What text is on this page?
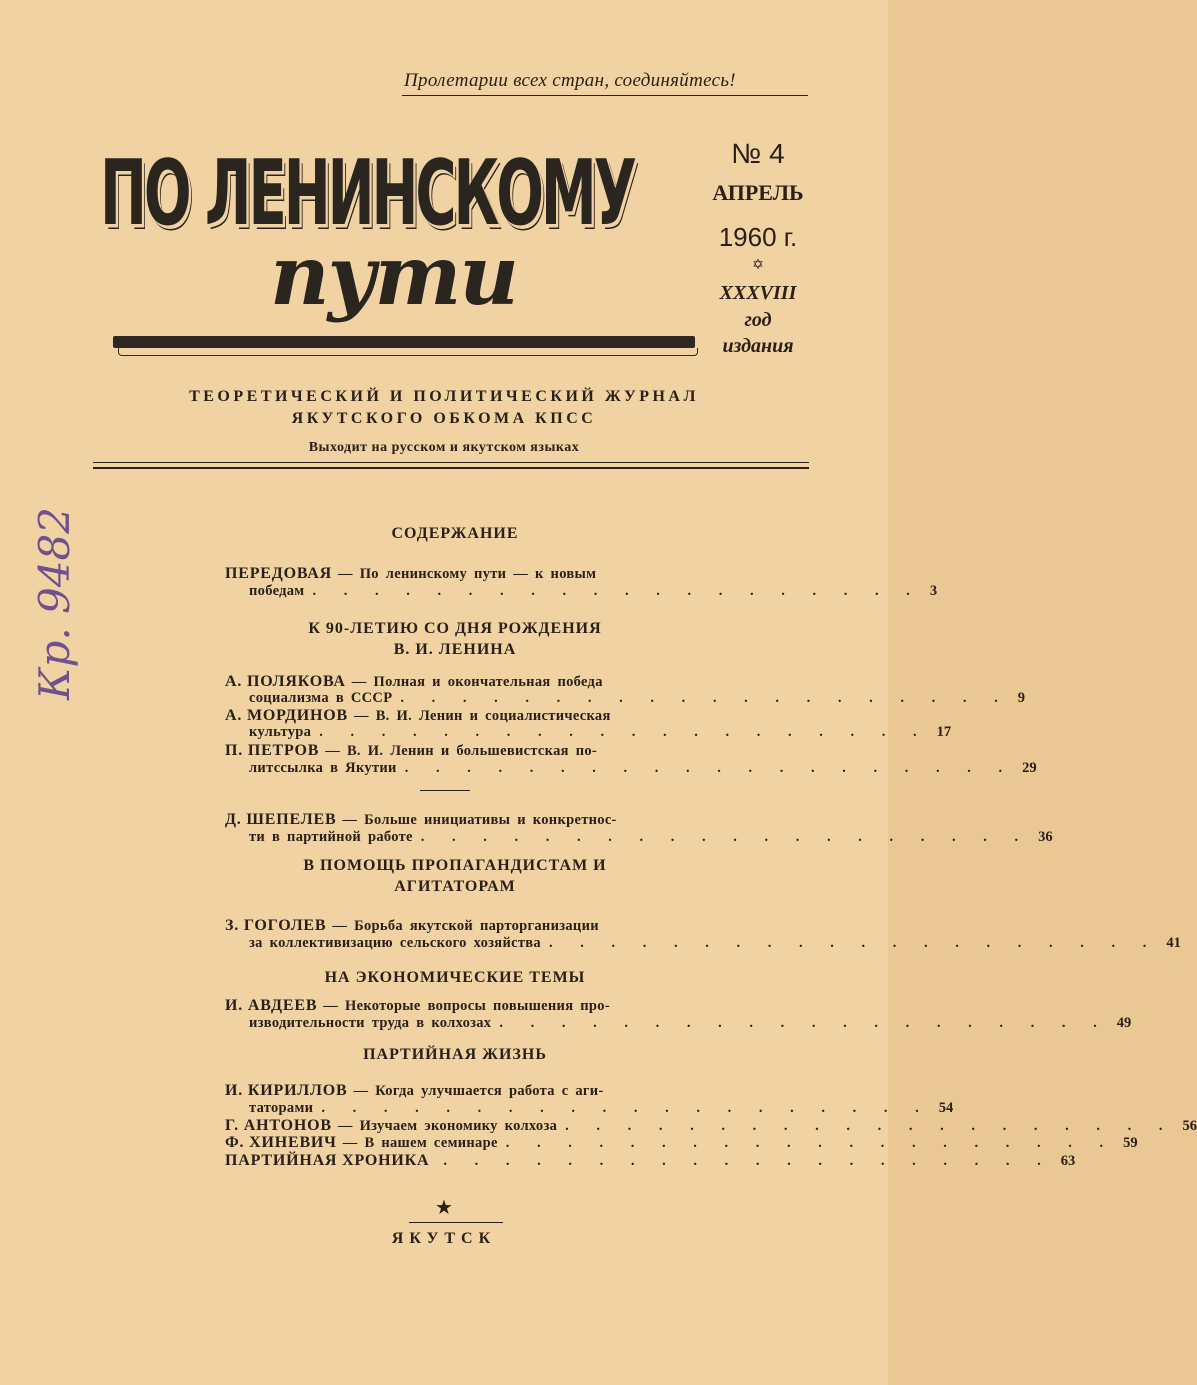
Пролетарии всех стран, соединяйтесь!
ПО ЛЕНИНСКОМУ
пути
№ 4
АПРЕЛЬ
1960 г.
✡
XXXVIII
год
издания
ТЕОРЕТИЧЕСКИЙ И ПОЛИТИЧЕСКИЙ ЖУРНАЛ
ЯКУТСКОГО ОБКОМА КПСС
Выходит на русском и якутском языках
СОДЕРЖАНИЕ
К 90-ЛЕТИЮ СО ДНЯ РОЖДЕНИЯ
В. И. ЛЕНИНА
В ПОМОЩЬ ПРОПАГАНДИСТАМ И
АГИТАТОРАМ
НА ЭКОНОМИЧЕСКИЕ ТЕМЫ
ПАРТИЙНАЯ ЖИЗНЬ
ПЕРЕДОВАЯ — По ленинскому пути — к новым
победам . . . . . . . . . . . . . . . . . . . . 3
А. ПОЛЯКОВА — Полная и окончательная победа
социализма в СССР . . . . . . . . . . . . . . . . . . . . 9
А. МОРДИНОВ — В. И. Ленин и социалистическая
культура . . . . . . . . . . . . . . . . . . . . 17
П. ПЕТРОВ — В. И. Ленин и большевистская по-
литссылка в Якутии . . . . . . . . . . . . . . . . . . . . 29
Д. ШЕПЕЛЕВ — Больше инициативы и конкретнос-
ти в партийной работе . . . . . . . . . . . . . . . . . . . . 36
З. ГОГОЛЕВ — Борьба якутской парторганизации
за коллективизацию сельского хозяйства . . . . . . . . . . . . . . . . . . . . 41
И. АВДЕЕВ — Некоторые вопросы повышения про-
изводительности труда в колхозах . . . . . . . . . . . . . . . . . . . . 49
И. КИРИЛЛОВ — Когда улучшается работа с аги-
таторами . . . . . . . . . . . . . . . . . . . . 54
Г. АНТОНОВ — Изучаем экономику колхоза . . . . . . . . . . . . . . . . . . . . 56
Ф. ХИНЕВИЧ — В нашем семинаре . . . . . . . . . . . . . . . . . . . . 59
ПАРТИЙНАЯ ХРОНИКА . . . . . . . . . . . . . . . . . . . . 63
★
ЯКУТСК
Кр. 9482
